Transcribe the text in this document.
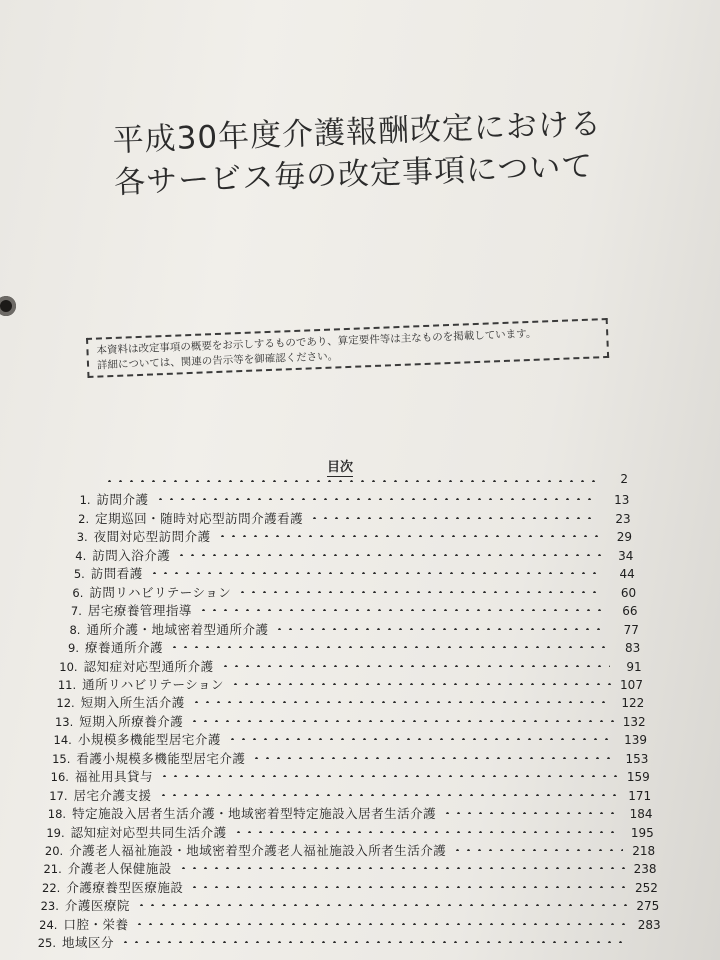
平成30年度介護報酬改定における
各サービス毎の改定事項について
本資料は改定事項の概要をお示しするものであり、算定要件等は主なものを掲載しています。
詳細については、関連の告示等を御確認ください。
目次
2
1. 訪問介護	13
2. 定期巡回・随時対応型訪問介護看護	23
3. 夜間対応型訪問介護	29
4. 訪問入浴介護	34
5. 訪問看護	44
6. 訪問リハビリテーション	60
7. 居宅療養管理指導	66
8. 通所介護・地域密着型通所介護	77
9. 療養通所介護	83
10. 認知症対応型通所介護	91
11. 通所リハビリテーション	107
12. 短期入所生活介護	122
13. 短期入所療養介護	132
14. 小規模多機能型居宅介護	139
15. 看護小規模多機能型居宅介護	153
16. 福祉用具貸与	159
17. 居宅介護支援	171
18. 特定施設入居者生活介護・地域密着型特定施設入居者生活介護	184
19. 認知症対応型共同生活介護	195
20. 介護老人福祉施設・地域密着型介護老人福祉施設入所者生活介護	218
21. 介護老人保健施設	238
22. 介護療養型医療施設	252
23. 介護医療院	275
24. 口腔・栄養	283
25. 地域区分
